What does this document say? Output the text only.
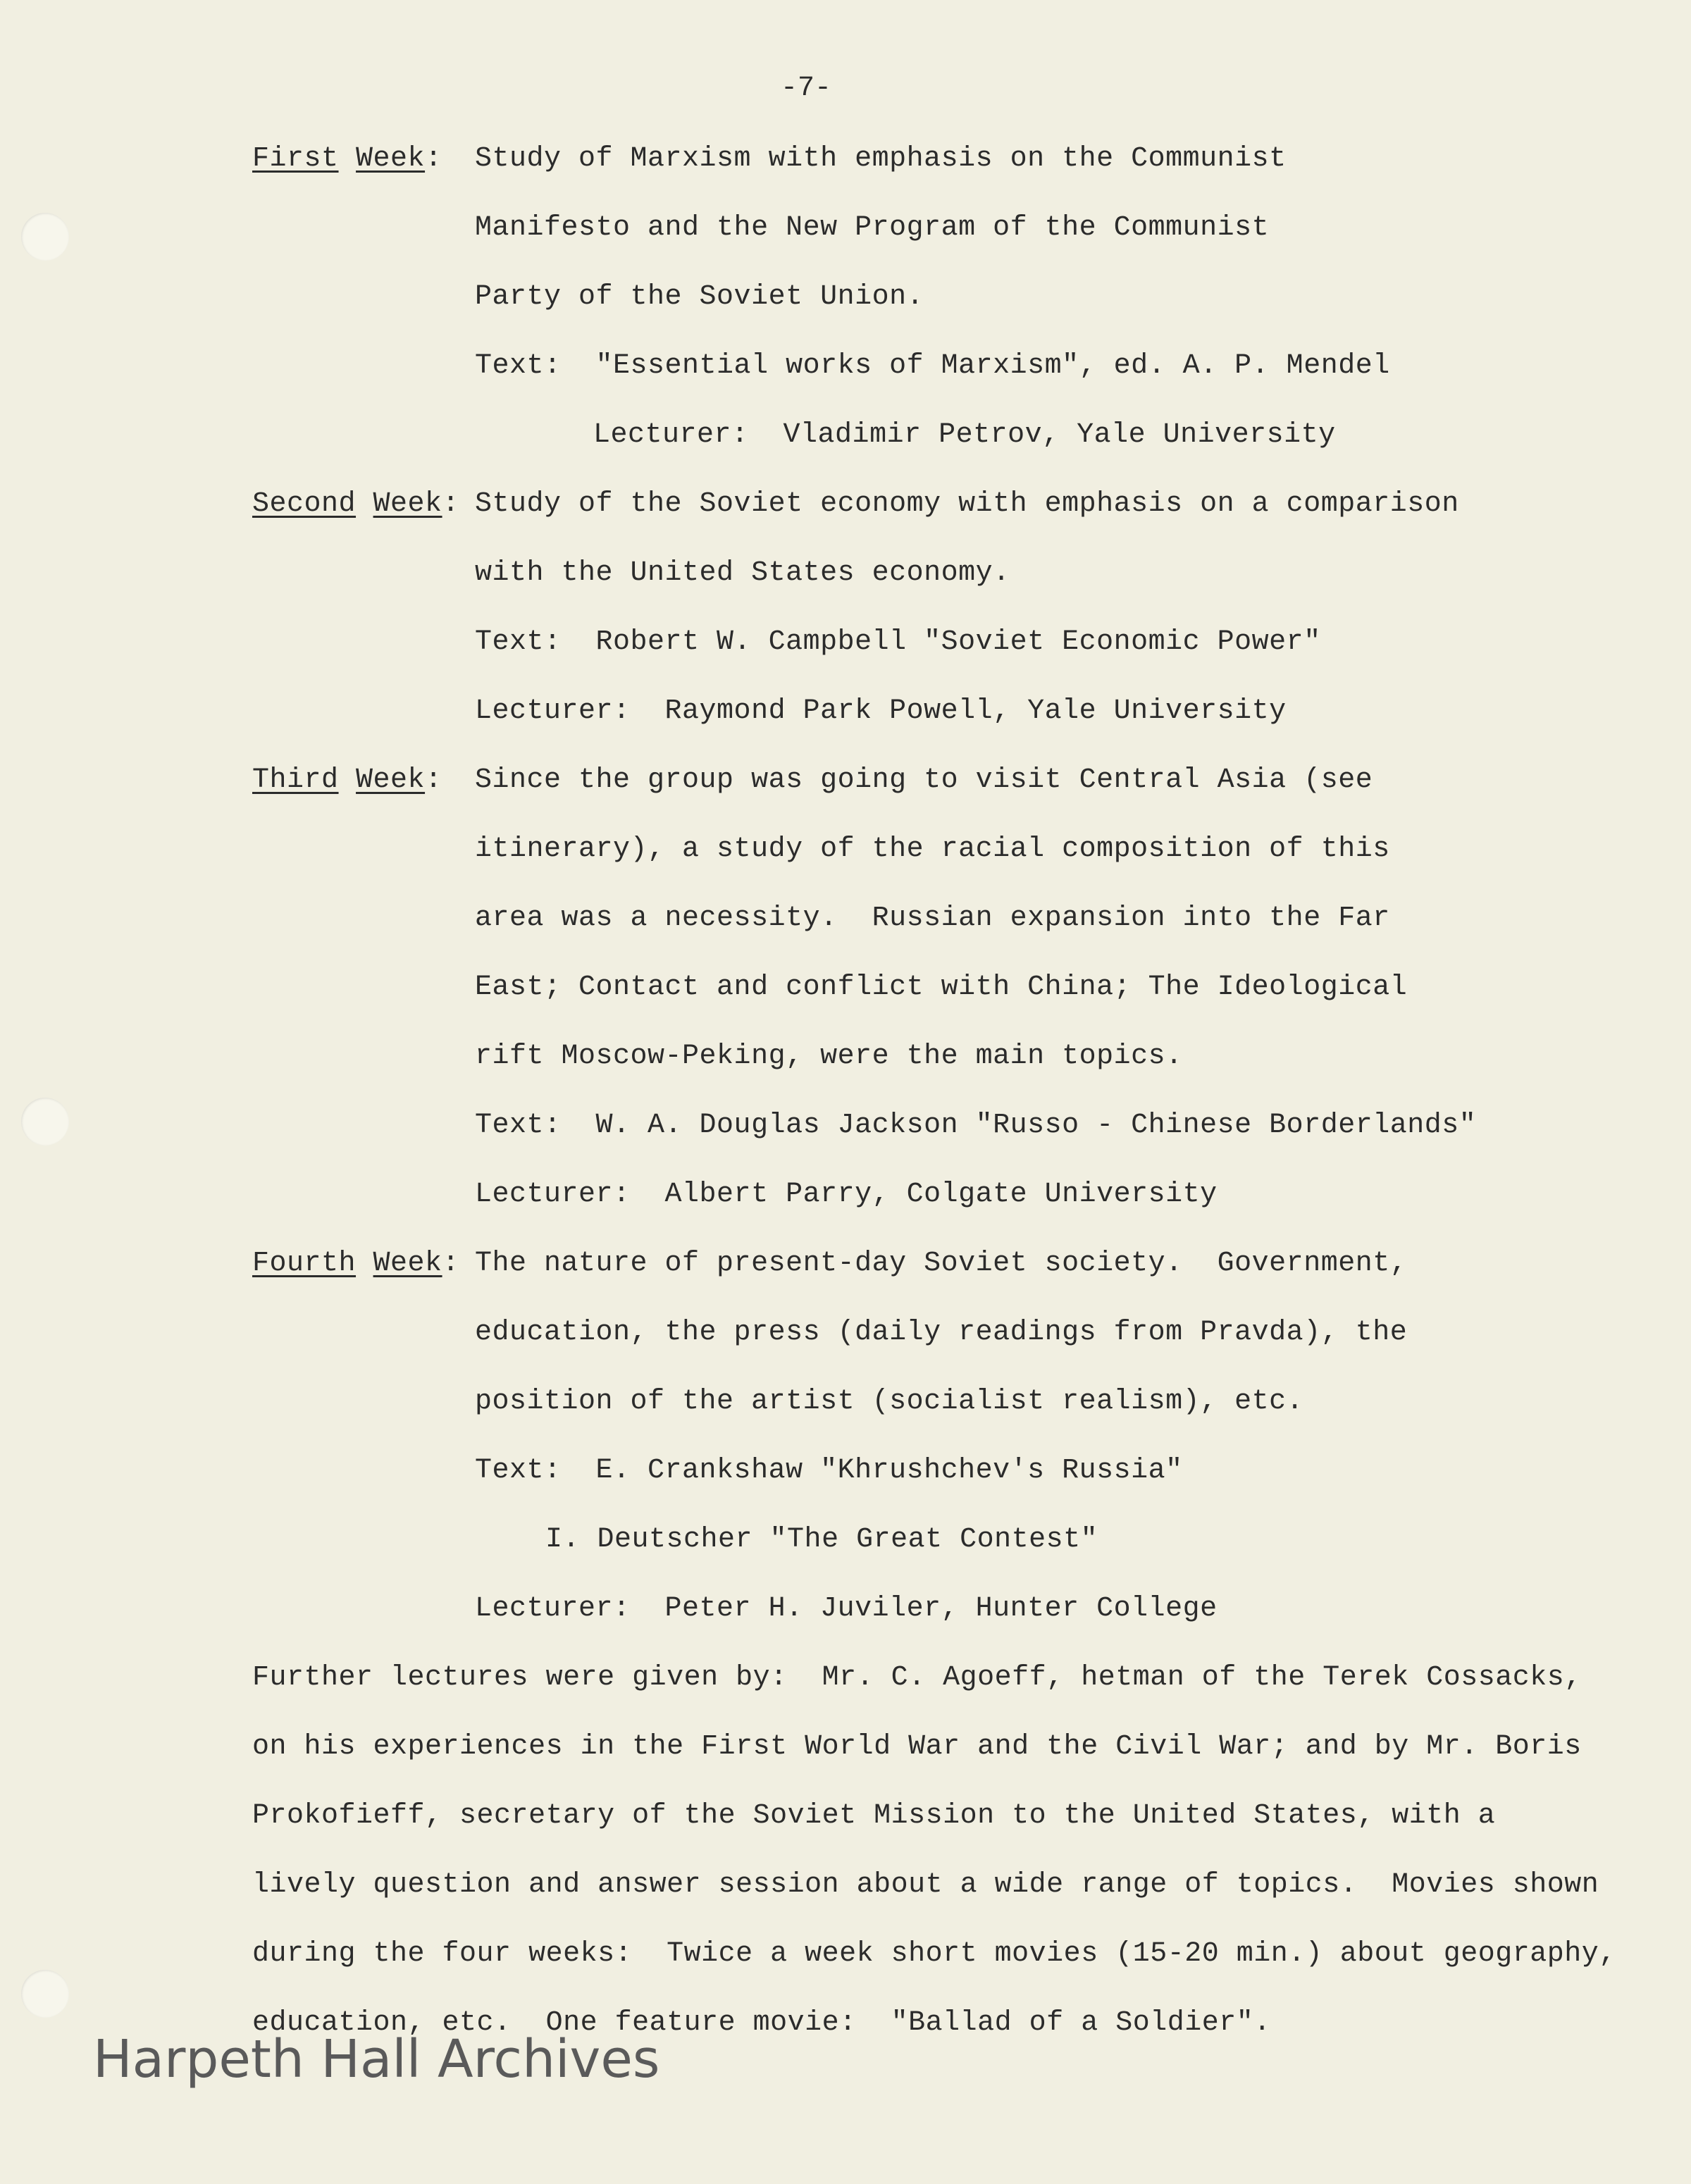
-7-
First Week: Study of Marxism with emphasis on the Communist
Manifesto and the New Program of the Communist
Party of the Soviet Union.
Text:  "Essential works of Marxism", ed. A. P. Mendel
Lecturer:  Vladimir Petrov, Yale University
Second Week: Study of the Soviet economy with emphasis on a comparison
with the United States economy.
Text:  Robert W. Campbell "Soviet Economic Power"
Lecturer:  Raymond Park Powell, Yale University
Third Week: Since the group was going to visit Central Asia (see
itinerary), a study of the racial composition of this
area was a necessity.  Russian expansion into the Far
East; Contact and conflict with China; The Ideological
rift Moscow-Peking, were the main topics.
Text:  W. A. Douglas Jackson "Russo - Chinese Borderlands"
Lecturer:  Albert Parry, Colgate University
Fourth Week: The nature of present-day Soviet society.  Government,
education, the press (daily readings from Pravda), the
position of the artist (socialist realism), etc.
Text:  E. Crankshaw "Khrushchev's Russia"
I. Deutscher "The Great Contest"
Lecturer:  Peter H. Juviler, Hunter College
Further lectures were given by:  Mr. C. Agoeff, hetman of the Terek Cossacks,
on his experiences in the First World War and the Civil War; and by Mr. Boris
Prokofieff, secretary of the Soviet Mission to the United States, with a
lively question and answer session about a wide range of topics.  Movies shown
during the four weeks:  Twice a week short movies (15-20 min.) about geography,
education, etc.  One feature movie:  "Ballad of a Soldier".
Harpeth Hall Archives
